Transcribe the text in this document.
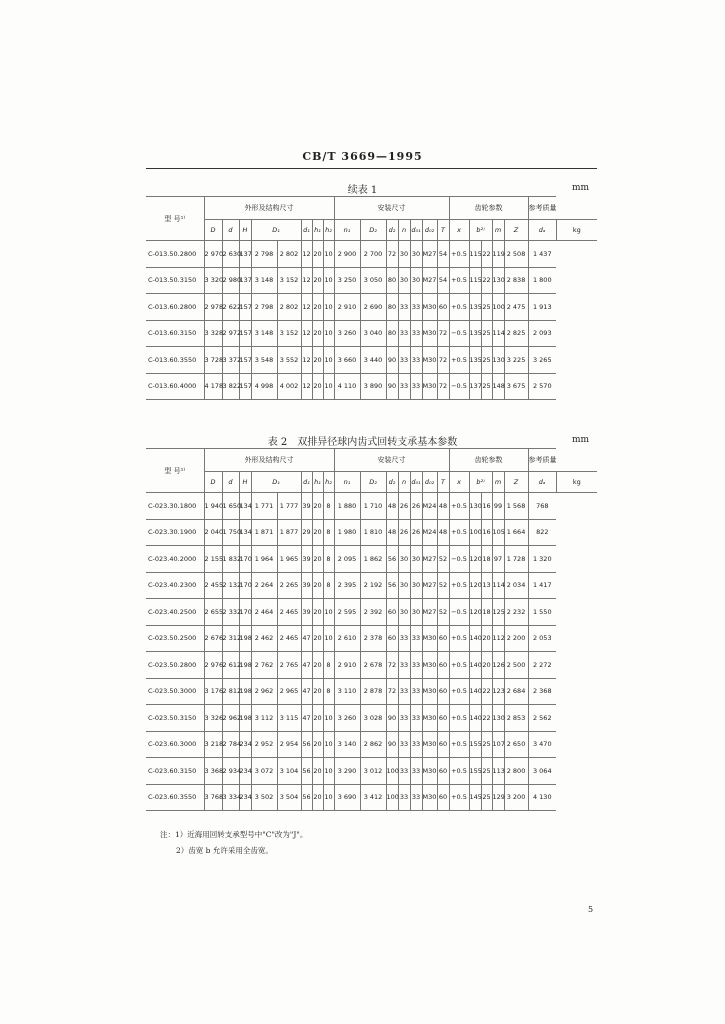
CB/T 3669—1995
续表 1	mm
型 号¹⁾	外形及结构尺寸								安装尺寸							齿轮参数					参考质量	
	D	d	H	D₁		d₁	h₁	h₂	n₁	D₂	d₂	n	d₀₁	d₀₂	T	x	b²⁾		m	Z	dₐ	kg
C-013.50.2800	2 970	2 630	137	2 798	2 802	12	20	10	2 900	2 700	72	30	30	M27	54	+0.5	115	22	119	2 508	1 437	
C-013.50.3150	3 320	2 980	137	3 148	3 152	12	20	10	3 250	3 050	80	30	30	M27	54	+0.5	115	22	130	2 838	1 800	
C-013.60.2800	2 978	2 622	157	2 798	2 802	12	20	10	2 910	2 690	80	33	33	M30	60	+0.5	135	25	100	2 475	1 913	
C-013.60.3150	3 328	2 972	157	3 148	3 152	12	20	10	3 260	3 040	80	33	33	M30	72	−0.5	135	25	114	2 825	2 093	
C-013.60.3550	3 728	3 372	157	3 548	3 552	12	20	10	3 660	3 440	90	33	33	M30	72	+0.5	135	25	130	3 225	3 265	
C-013.60.4000	4 178	3 822	157	4 998	4 002	12	20	10	4 110	3 890	90	33	33	M30	72	−0.5	137	25	148	3 675	2 570	
表 2　双排异径球内齿式回转支承基本参数	mm
型 号¹⁾	外形及结构尺寸								安装尺寸							齿轮参数					参考质量	
	D	d	H	D₁		d₁	h₁	h₂	n₁	D₂	d₂	n	d₀₁	d₀₂	T	x	b²⁾		m	Z	dₐ	kg
C-023.30.1800	1 940	1 650	134	1 771	1 777	39	20	8	1 880	1 710	48	26	26	M24	48	+0.5	130	16	99	1 568	768	
C-023.30.1900	2 040	1 750	134	1 871	1 877	29	20	8	1 980	1 810	48	26	26	M24	48	+0.5	100	16	105	1 664	822	
C-023.40.2000	2 155	1 832	170	1 964	1 965	39	20	8	2 095	1 862	56	30	30	M27	52	−0.5	120	18	97	1 728	1 320	
C-023.40.2300	2 455	2 132	170	2 264	2 265	39	20	8	2 395	2 192	56	30	30	M27	52	+0.5	120	13	114	2 034	1 417	
C-023.40.2500	2 655	2 332	170	2 464	2 465	39	20	10	2 595	2 392	60	30	30	M27	52	−0.5	120	18	125	2 232	1 550	
C-023.50.2500	2 676	2 312	198	2 462	2 465	47	20	10	2 610	2 378	60	33	33	M30	60	+0.5	140	20	112	2 200	2 053	
C-023.50.2800	2 976	2 612	198	2 762	2 765	47	20	8	2 910	2 678	72	33	33	M30	60	+0.5	140	20	126	2 500	2 272	
C-023.50.3000	3 176	2 812	198	2 962	2 965	47	20	8	3 110	2 878	72	33	33	M30	60	+0.5	140	22	123	2 684	2 368	
C-023.50.3150	3 326	2 962	198	3 112	3 115	47	20	10	3 260	3 028	90	33	33	M30	60	+0.5	140	22	130	2 853	2 562	
C-023.60.3000	3 218	2 784	234	2 952	2 954	56	20	10	3 140	2 862	90	33	33	M30	60	+0.5	155	25	107	2 650	3 470	
C-023.60.3150	3 368	2 934	234	3 072	3 104	56	20	10	3 290	3 012	100	33	33	M30	60	+0.5	155	25	113	2 800	3 064	
C-023.60.3550	3 768	3 334	234	3 502	3 504	56	20	10	3 690	3 412	100	33	33	M30	60	+0.5	145	25	129	3 200	4 130	
注：1）近海用回转支承型号中"C"改为"J"。
2）齿宽 b 允许采用全齿宽。
5
